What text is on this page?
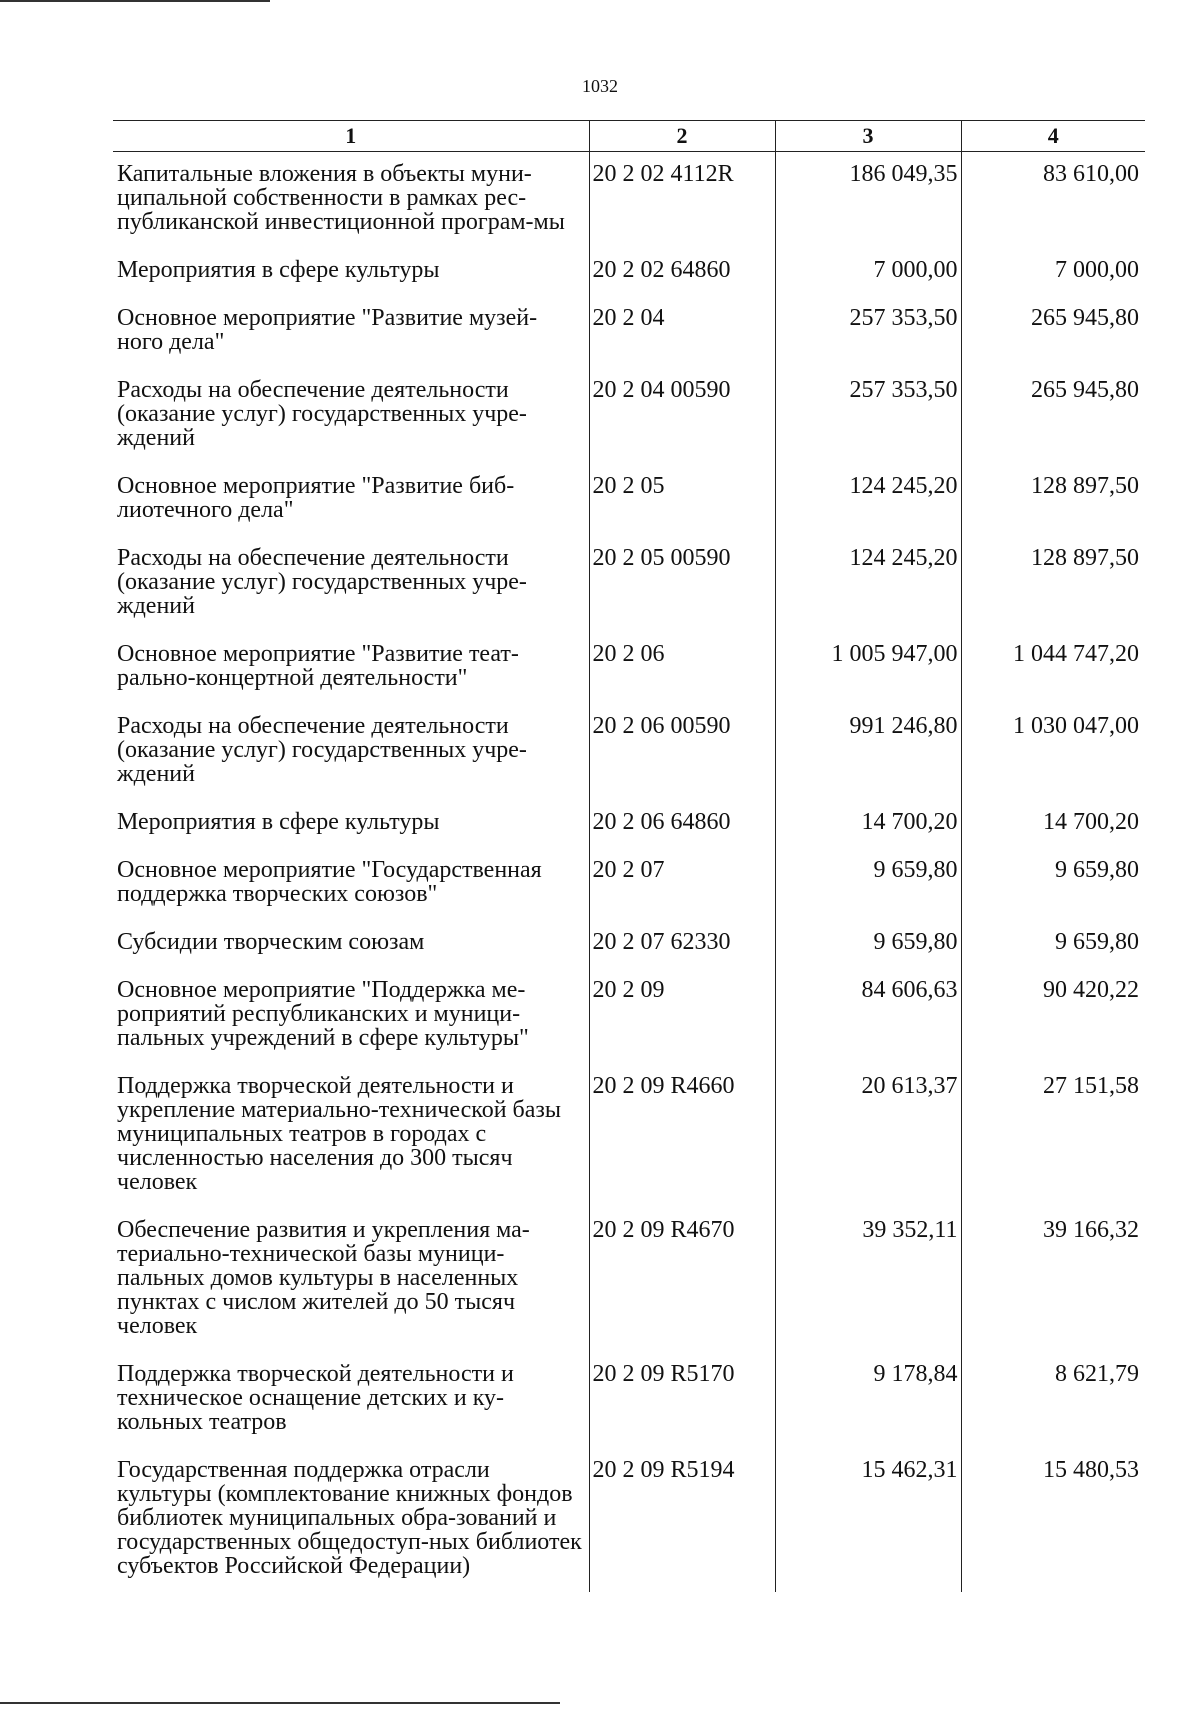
1032
1	2	3	4
Капитальные вложения в объекты муни-ципальной собственности в рамках рес-публиканской инвестиционной програм-мы	20 2 02 4112R	186 049,35	83 610,00
Мероприятия в сфере культуры	20 2 02 64860	7 000,00	7 000,00
Основное мероприятие "Развитие музей-ного дела"	20 2 04	257 353,50	265 945,80
Расходы на обеспечение деятельности (оказание услуг) государственных учре-ждений	20 2 04 00590	257 353,50	265 945,80
Основное мероприятие "Развитие биб-лиотечного дела"	20 2 05	124 245,20	128 897,50
Расходы на обеспечение деятельности (оказание услуг) государственных учре-ждений	20 2 05 00590	124 245,20	128 897,50
Основное мероприятие "Развитие теат-рально-концертной деятельности"	20 2 06	1 005 947,00	1 044 747,20
Расходы на обеспечение деятельности (оказание услуг) государственных учре-ждений	20 2 06 00590	991 246,80	1 030 047,00
Мероприятия в сфере культуры	20 2 06 64860	14 700,20	14 700,20
Основное мероприятие "Государственная поддержка творческих союзов"	20 2 07	9 659,80	9 659,80
Субсидии творческим союзам	20 2 07 62330	9 659,80	9 659,80
Основное мероприятие "Поддержка ме-роприятий республиканских и муници-пальных учреждений в сфере культуры"	20 2 09	84 606,63	90 420,22
Поддержка творческой деятельности и укрепление материально-технической базы муниципальных театров в городах с численностью населения до 300 тысяч человек	20 2 09 R4660	20 613,37	27 151,58
Обеспечение развития и укрепления ма-териально-технической базы муници-пальных домов культуры в населенных пунктах с числом жителей до 50 тысяч человек	20 2 09 R4670	39 352,11	39 166,32
Поддержка творческой деятельности и техническое оснащение детских и ку-кольных театров	20 2 09 R5170	9 178,84	8 621,79
Государственная поддержка отрасли культуры (комплектование книжных фондов библиотек муниципальных обра-зований и государственных общедоступ-ных библиотек субъектов Российской Федерации)	20 2 09 R5194	15 462,31	15 480,53
